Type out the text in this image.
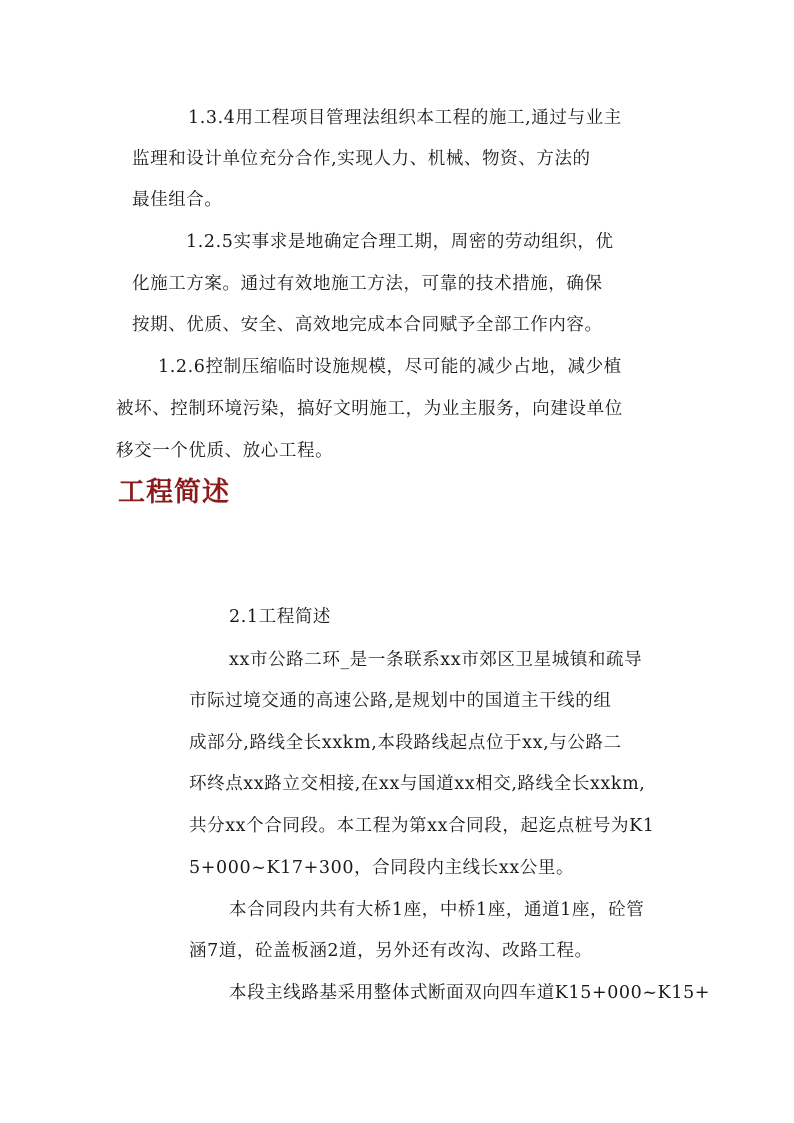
1.3.4用工程项目管理法组织本工程的施工,通过与业主
监理和设计单位充分合作,实现人力、机械、物资、方法的
最佳组合。
1.2.5实事求是地确定合理工期，周密的劳动组织，优
化施工方案。通过有效地施工方法，可靠的技术措施，确保
按期、优质、安全、高效地完成本合同赋予全部工作内容。
1.2.6控制压缩临时设施规模，尽可能的减少占地，减少植
被坏、控制环境污染，搞好文明施工，为业主服务，向建设单位
移交一个优质、放心工程。
工程简述
2.1工程简述
xx市公路二环_是一条联系xx市郊区卫星城镇和疏导
市际过境交通的高速公路,是规划中的国道主干线的组
成部分,路线全长xxkm,本段路线起点位于xx,与公路二
环终点xx路立交相接,在xx与国道xx相交,路线全长xxkm,
共分xx个合同段。本工程为第xx合同段，起迄点桩号为K1
5+000~K17+300，合同段内主线长xx公里。
本合同段内共有大桥1座，中桥1座，通道1座，砼管
涵7道，砼盖板涵2道，另外还有改沟、改路工程。
本段主线路基采用整体式断面双向四车道K15+000~K15+
